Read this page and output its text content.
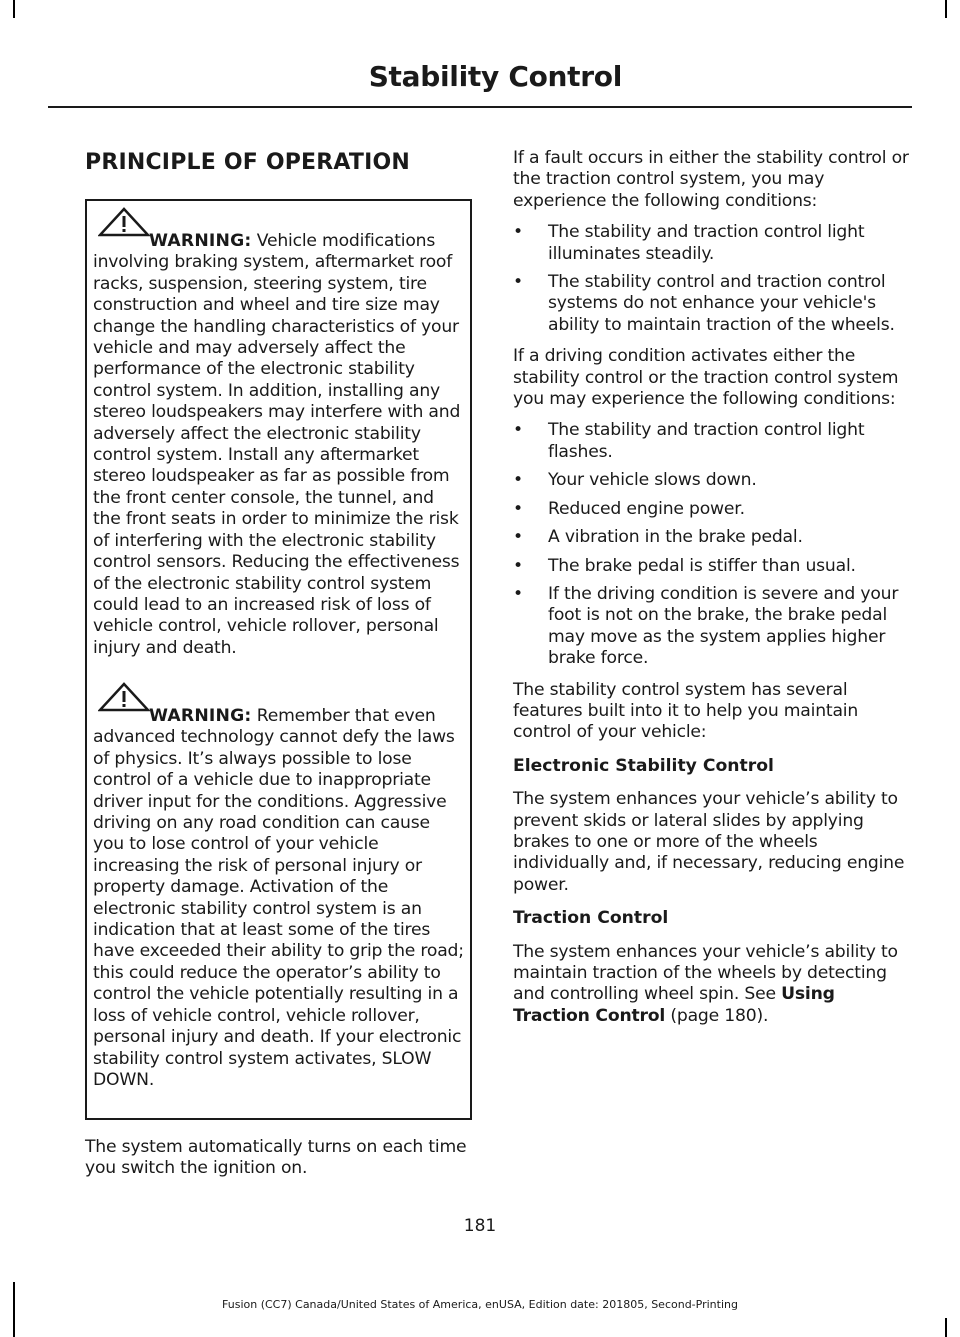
Stability Control
PRINCIPLE OF OPERATION
WARNING: Vehicle modifications involving braking system, aftermarket roof racks, suspension, steering system, tire construction and wheel and tire size may change the handling characteristics of your vehicle and may adversely affect the performance of the electronic stability control system. In addition, installing any stereo loudspeakers may interfere with and adversely affect the electronic stability control system. Install any aftermarket stereo loudspeaker as far as possible from the front center console, the tunnel, and the front seats in order to minimize the risk of interfering with the electronic stability control sensors. Reducing the effectiveness of the electronic stability control system could lead to an increased risk of loss of vehicle control, vehicle rollover, personal injury and death.
WARNING: Remember that even advanced technology cannot defy the laws of physics. It’s always possible to lose control of a vehicle due to inappropriate driver input for the conditions. Aggressive driving on any road condition can cause you to lose control of your vehicle increasing the risk of personal injury or property damage. Activation of the electronic stability control system is an indication that at least some of the tires have exceeded their ability to grip the road; this could reduce the operator’s ability to control the vehicle potentially resulting in a loss of vehicle control, vehicle rollover, personal injury and death. If your electronic stability control system activates, SLOW DOWN.

The system automatically turns on each time you switch the ignition on.

If a fault occurs in either the stability control or the traction control system, you may experience the following conditions:

• The stability and traction control light illuminates steadily.
• The stability control and traction control systems do not enhance your vehicle's ability to maintain traction of the wheels.

If a driving condition activates either the stability control or the traction control system you may experience the following conditions:

• The stability and traction control light flashes.
• Your vehicle slows down.
• Reduced engine power.
• A vibration in the brake pedal.
• The brake pedal is stiffer than usual.
• If the driving condition is severe and your foot is not on the brake, the brake pedal may move as the system applies higher brake force.

The stability control system has several features built into it to help you maintain control of your vehicle:

Electronic Stability Control

The system enhances your vehicle’s ability to prevent skids or lateral slides by applying brakes to one or more of the wheels individually and, if necessary, reducing engine power.

Traction Control

The system enhances your vehicle’s ability to maintain traction of the wheels by detecting and controlling wheel spin. See Using Traction Control (page 180).

181
Fusion (CC7) Canada/United States of America, enUSA, Edition date: 201805, Second-Printing
